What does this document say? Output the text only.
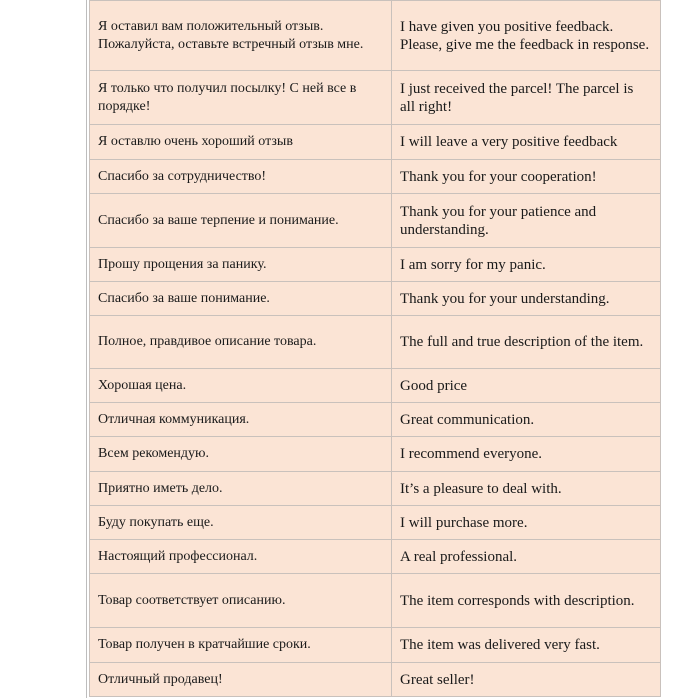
Я оставил вам положительный отзыв. Пожалуйста, оставьте встречный отзыв мне.	I have given you positive feedback. Please, give me the feedback in response.
Я только что получил посылку! С ней все в порядке!	I just received the parcel! The parcel is all right!
Я оставлю очень хороший отзыв	I will leave a very positive feedback
Спасибо за сотрудничество!	Thank you for your cooperation!
Спасибо за ваше терпение и понимание.	Thank you for your patience and understanding.
Прошу прощения за панику.	I am sorry for my panic.
Спасибо за ваше понимание.	Thank you for your understanding.
Полное, правдивое описание товара.	The full and true description of the item.
Хорошая цена.	Good price
Отличная коммуникация.	Great communication.
Всем рекомендую.	I recommend everyone.
Приятно иметь дело.	It’s a pleasure to deal with.
Буду покупать еще.	I will purchase more.
Настоящий профессионал.	A real professional.
Товар соответствует описанию.	The item corresponds with description.
Товар получен в кратчайшие сроки.	The item was delivered very fast.
Отличный продавец!	Great seller!
